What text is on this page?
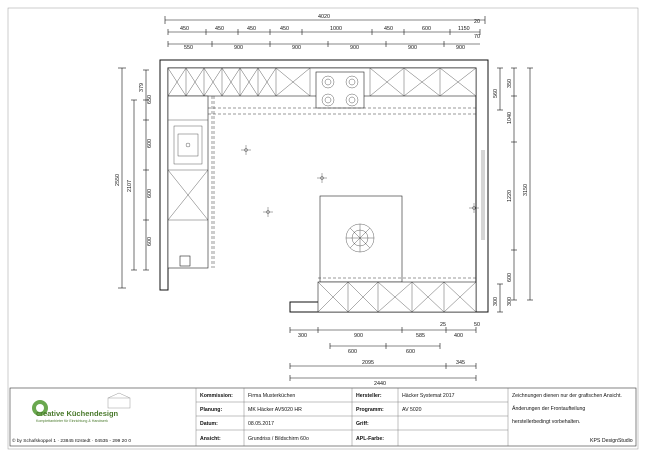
4020
450	450	450	450	1000	450	600
20
1150
70
550	900	900	900	900	900
2550 2107
379
650
600
600
600
560
350
1040
1220
600
3150
300 300
300	900	585	400
25	50
600	600
2095	345
2440
creative Küchendesign
Komplettanbieter für Einrichtung & Handwerk
© by Schafskoppel 1 · 23845 Itzstedt · 04535 - 299 20 0
Kommission:	Firma Musterküchen
Planung:	MK Häcker AV5020 HR
Datum:	08.05.2017
Ansicht:	Grundriss / Bildschirm 60o
Hersteller:	Häcker Systemat 2017
Programm:	AV 5020
Griff:
APL-Farbe:
Zeichnungen dienen nur der grafischen Ansicht.
Änderungen der Frontaufteilung
herstellerbedingt vorbehalten.
KPS DesignStudio
